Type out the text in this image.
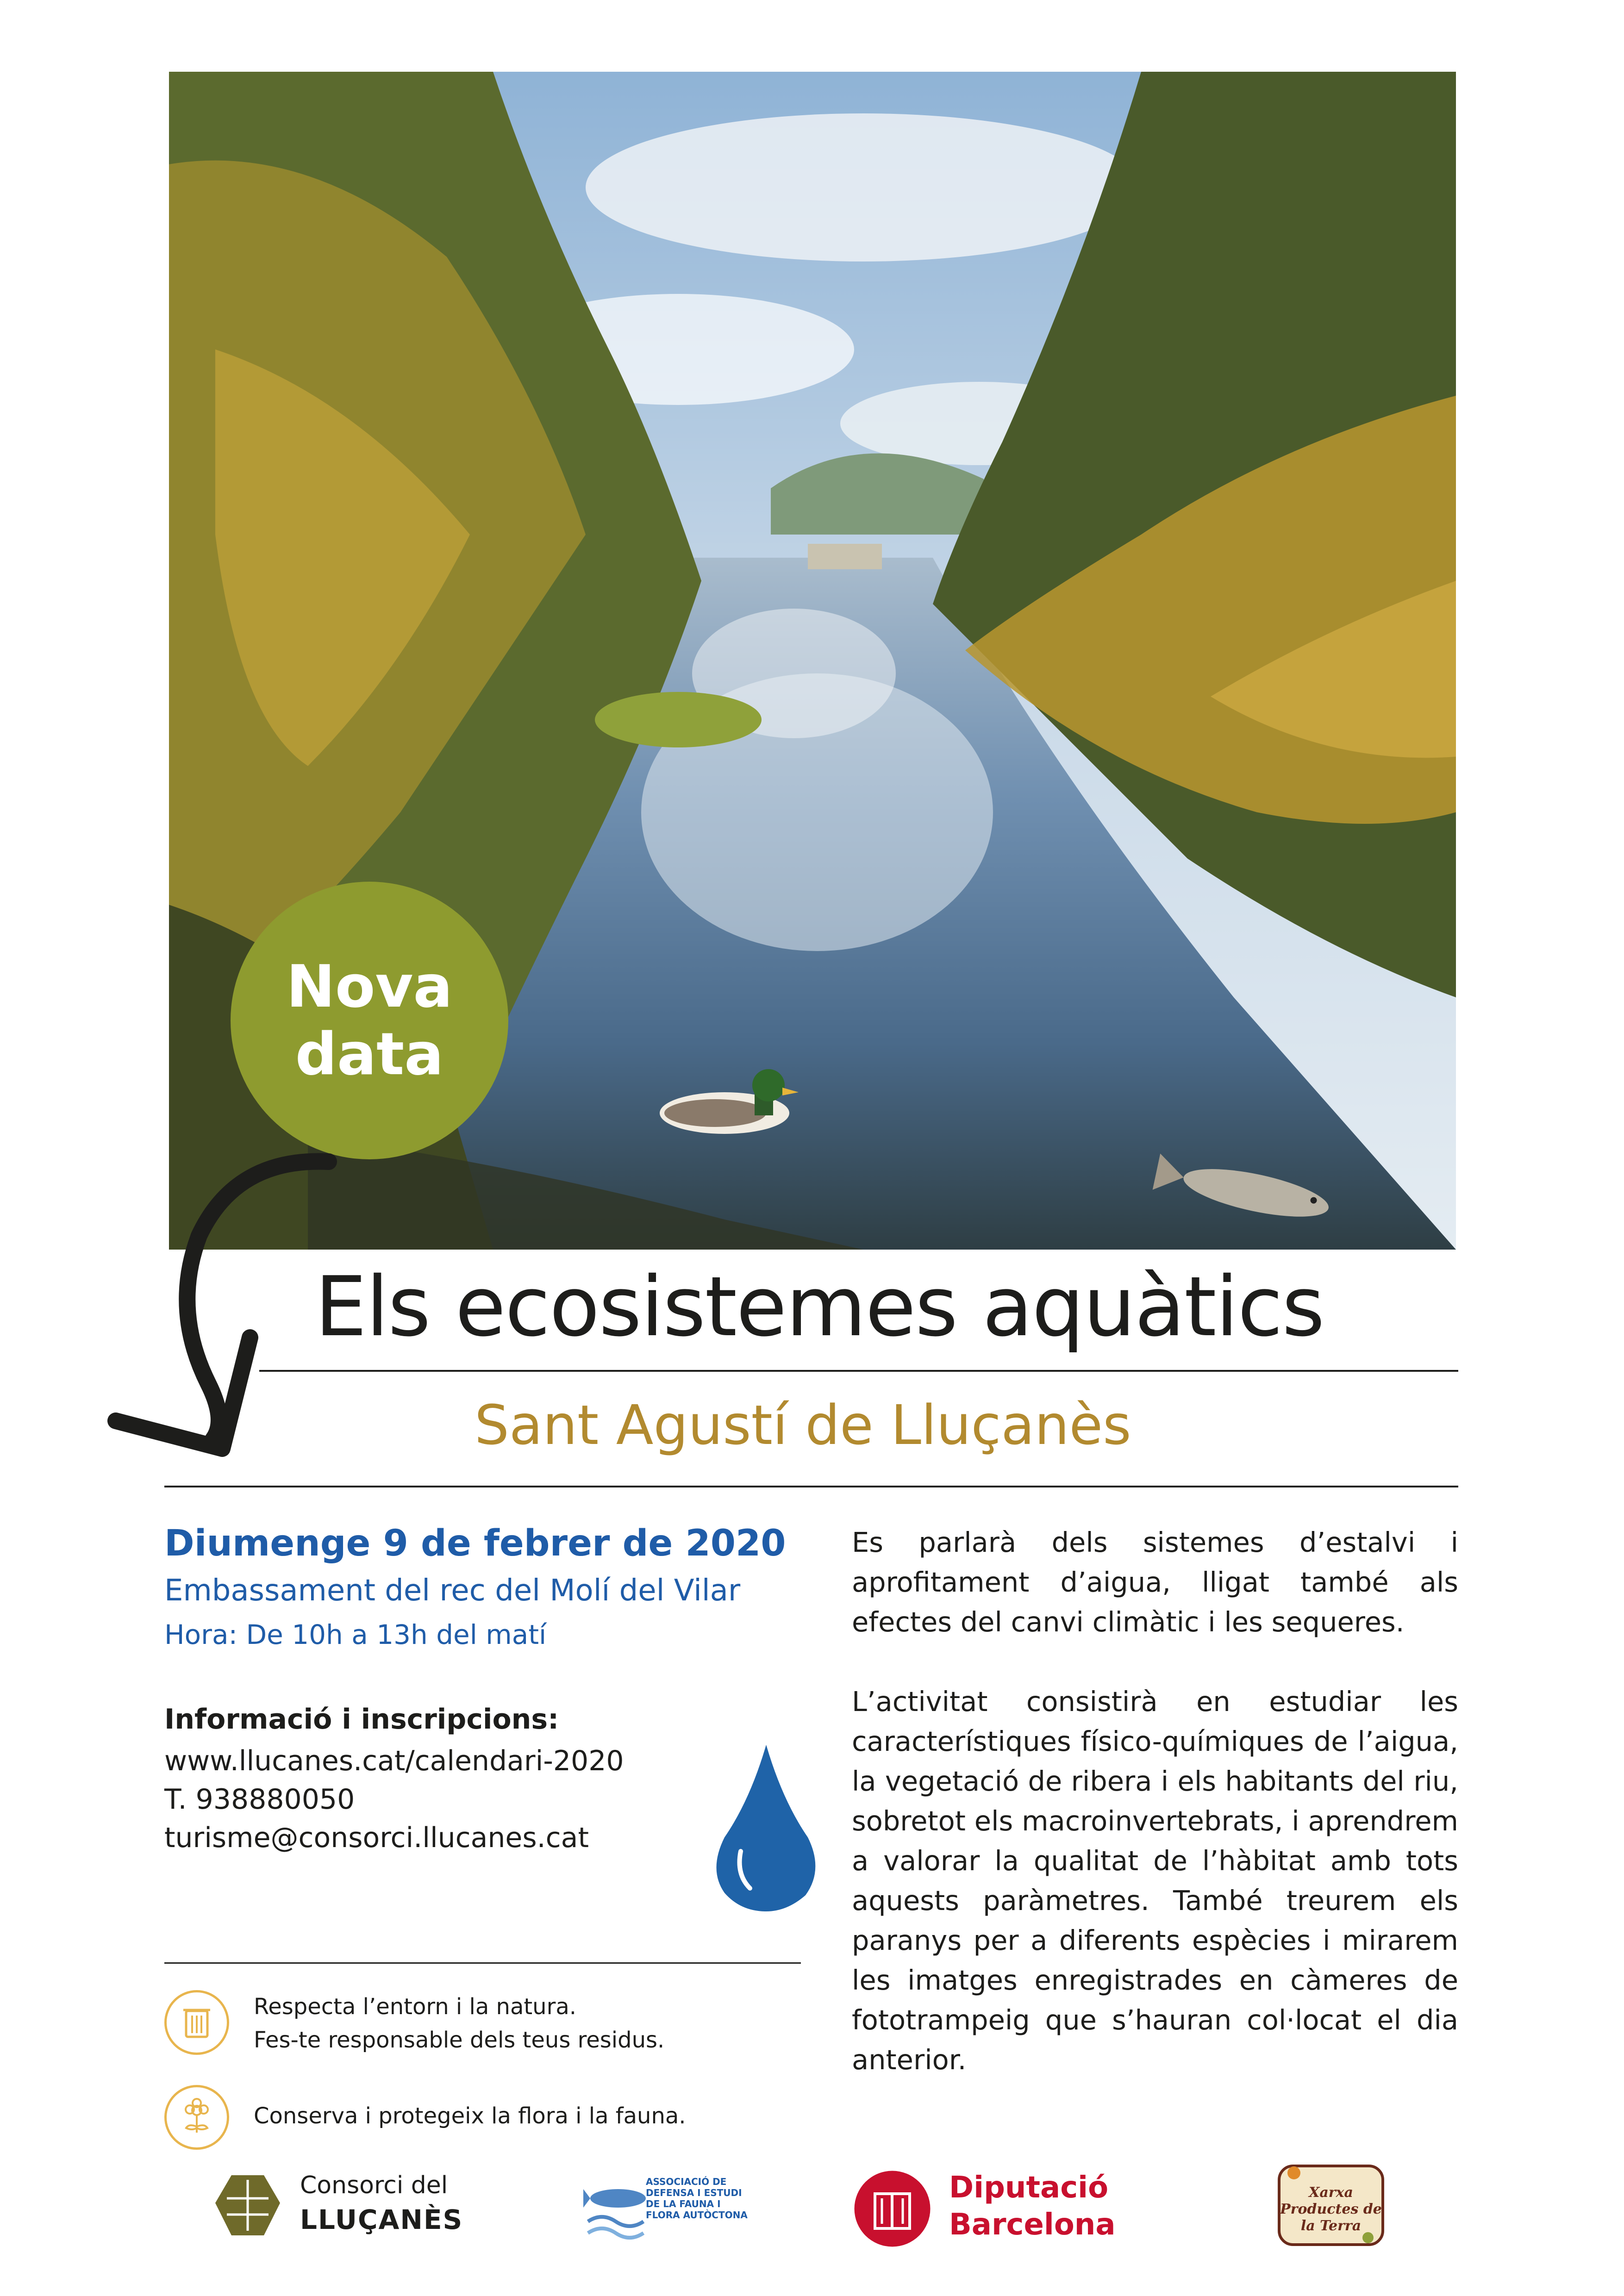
Nova
data
Els ecosistemes aquàtics
Sant Agustí de Lluçanès
Diumenge 9 de febrer de 2020
Embassament del rec del Molí del Vilar
Hora: De 10h a 13h del matí
Informació i inscripcions:
www.llucanes.cat/calendari-2020
T. 938880050
turisme@consorci.llucanes.cat
Respecta l’entorn i la natura.
Fes-te responsable dels teus residus.
Conserva i protegeix la flora i la fauna.

Es parlarà dels sistemes d’estalvi i aprofitament d’aigua, lligat també als efectes del canvi climàtic i les sequeres.

L’activitat consistirà en estudiar les característiques físico-químiques de l’aigua, la vegetació de ribera i els habitants del riu, sobretot els macroinvertebrats, i aprendrem a valorar la qualitat de l’hàbitat amb tots aquests paràmetres. També treurem els paranys per a diferents espècies i mirarem les imatges enregistrades en càmeres de fototrampeig que s’hauran col·locat el dia anterior.

Consorci del
LLUÇANÈS
ASSOCIACIÓ DE DEFENSA I ESTUDI DE LA FAUNA I FLORA AUTÒCTONA
Diputació
Barcelona
Xarxa Productes de la Terra
